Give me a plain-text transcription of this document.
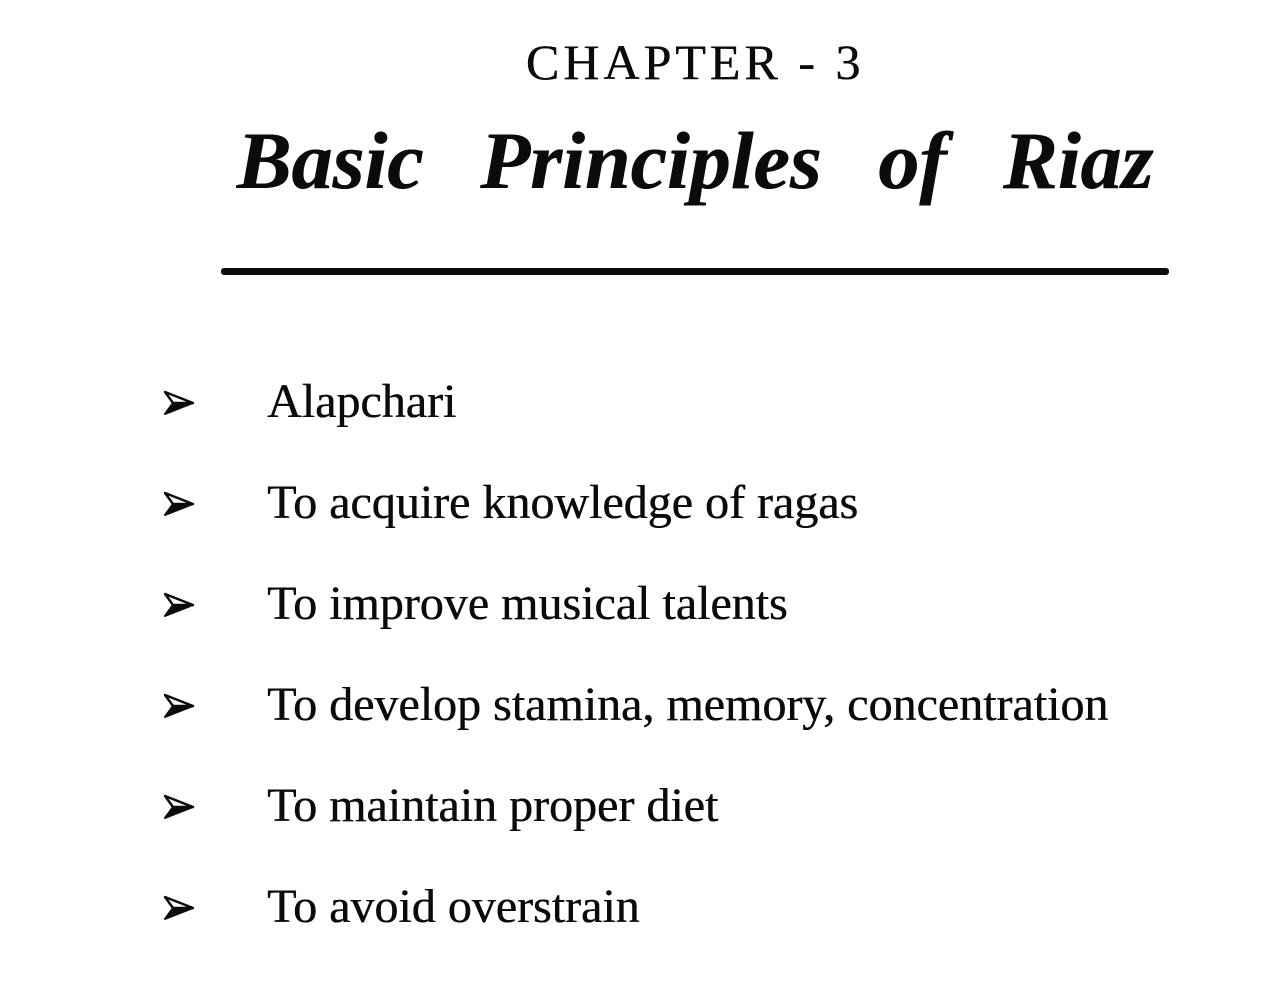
CHAPTER - 3
Basic Principles of Riaz
Alapchari
To acquire knowledge of ragas
To improve musical talents
To develop stamina, memory, concentration
To maintain proper diet
To avoid overstrain
